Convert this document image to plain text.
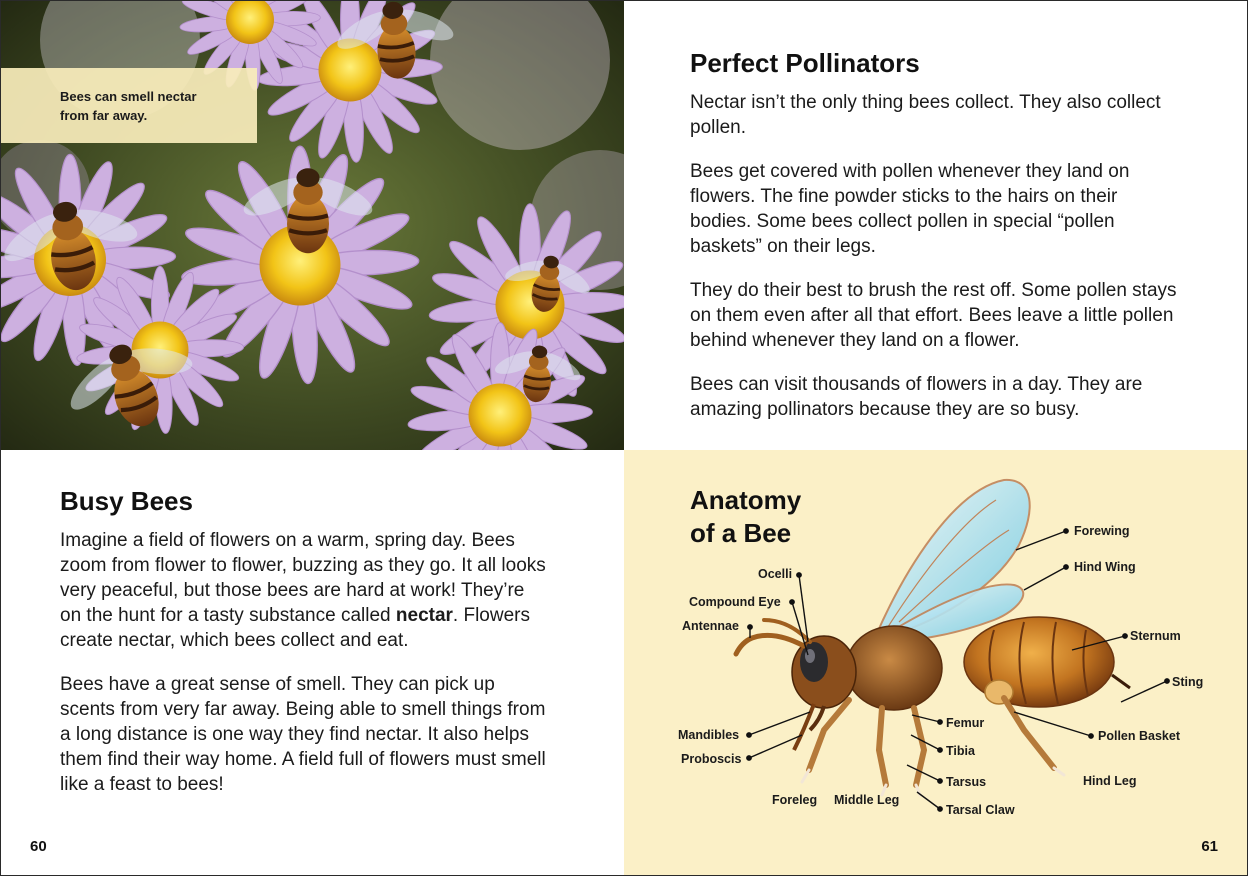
Bees can smell nectar from far away.
Perfect Pollinators

Nectar isn’t the only thing bees collect. They also collect pollen.

Bees get covered with pollen whenever they land on flowers. The fine powder sticks to the hairs on their bodies. Some bees collect pollen in special “pollen baskets” on their legs.

They do their best to brush the rest off. Some pollen stays on them even after all that effort. Bees leave a little pollen behind whenever they land on a flower.

Bees can visit thousands of flowers in a day. They are amazing pollinators because they are so busy.

Busy Bees

Imagine a field of flowers on a warm, spring day. Bees zoom from flower to flower, buzzing as they go. It all looks very peaceful, but those bees are hard at work! They’re on the hunt for a tasty substance called nectar. Flowers create nectar, which bees collect and eat.

Bees have a great sense of smell. They can pick up scents from very far away. Being able to smell things from a long distance is one way they find nectar. It also helps them find their way home. A field full of flowers must smell like a feast to bees!

60
Anatomy
of a Bee	Forewing
Hind Wing
Ocelli
Compound Eye
Antennae
Sternum
Sting
Mandibles
Proboscis
Femur
Tibia
Tarsus
Tarsal Claw
Pollen Basket
Hind Leg
Foreleg Middle Leg
61
